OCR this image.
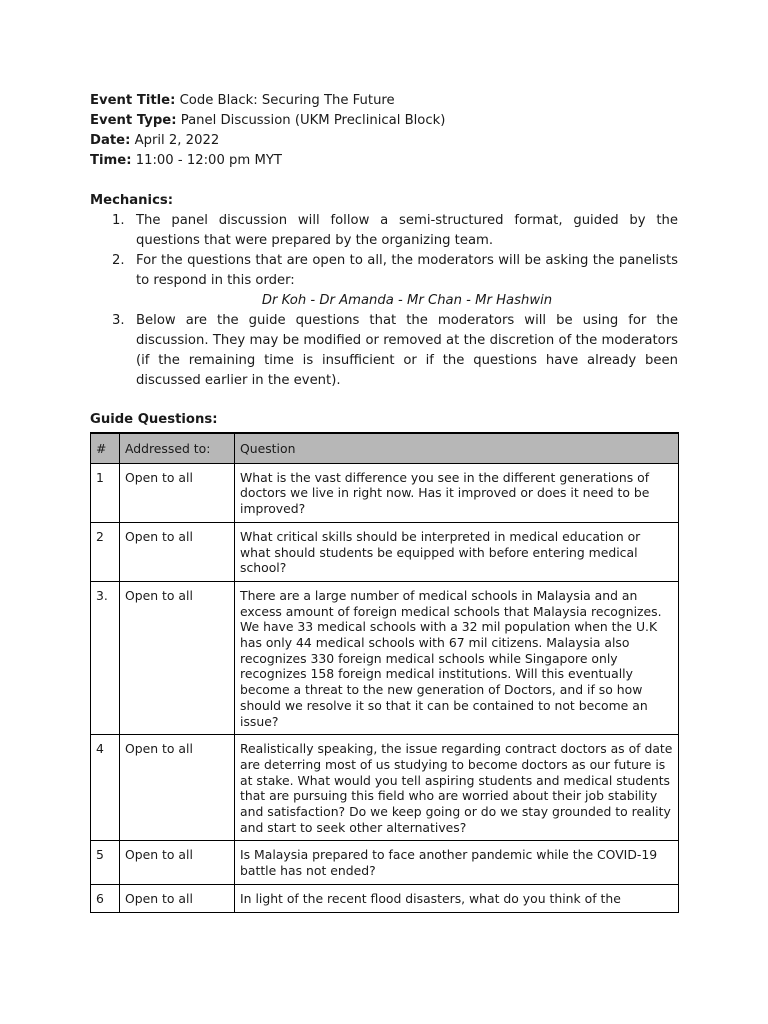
Event Title: Code Black: Securing The Future
Event Type: Panel Discussion (UKM Preclinical Block)
Date: April 2, 2022
Time: 11:00 - 12:00 pm MYT
Mechanics:
1. The panel discussion will follow a semi-structured format, guided by the questions that were prepared by the organizing team.
2. For the questions that are open to all, the moderators will be asking the panelists to respond in this order:
Dr Koh - Dr Amanda - Mr Chan - Mr Hashwin
3. Below are the guide questions that the moderators will be using for the discussion. They may be modified or removed at the discretion of the moderators (if the remaining time is insufficient or if the questions have already been discussed earlier in the event).
Guide Questions:
#	Addressed to:	Question
1	Open to all	What is the vast difference you see in the different generations of doctors we live in right now. Has it improved or does it need to be improved?
2	Open to all	What critical skills should be interpreted in medical education or what should students be equipped with before entering medical school?
3.	Open to all	There are a large number of medical schools in Malaysia and an excess amount of foreign medical schools that Malaysia recognizes. We have 33 medical schools with a 32 mil population when the U.K has only 44 medical schools with 67 mil citizens. Malaysia also recognizes 330 foreign medical schools while Singapore only recognizes 158 foreign medical institutions. Will this eventually become a threat to the new generation of Doctors, and if so how should we resolve it so that it can be contained to not become an issue?
4	Open to all	Realistically speaking, the issue regarding contract doctors as of date are deterring most of us studying to become doctors as our future is at stake. What would you tell aspiring students and medical students that are pursuing this field who are worried about their job stability and satisfaction? Do we keep going or do we stay grounded to reality and start to seek other alternatives?
5	Open to all	Is Malaysia prepared to face another pandemic while the COVID-19 battle has not ended?
6	Open to all	In light of the recent flood disasters, what do you think of the
